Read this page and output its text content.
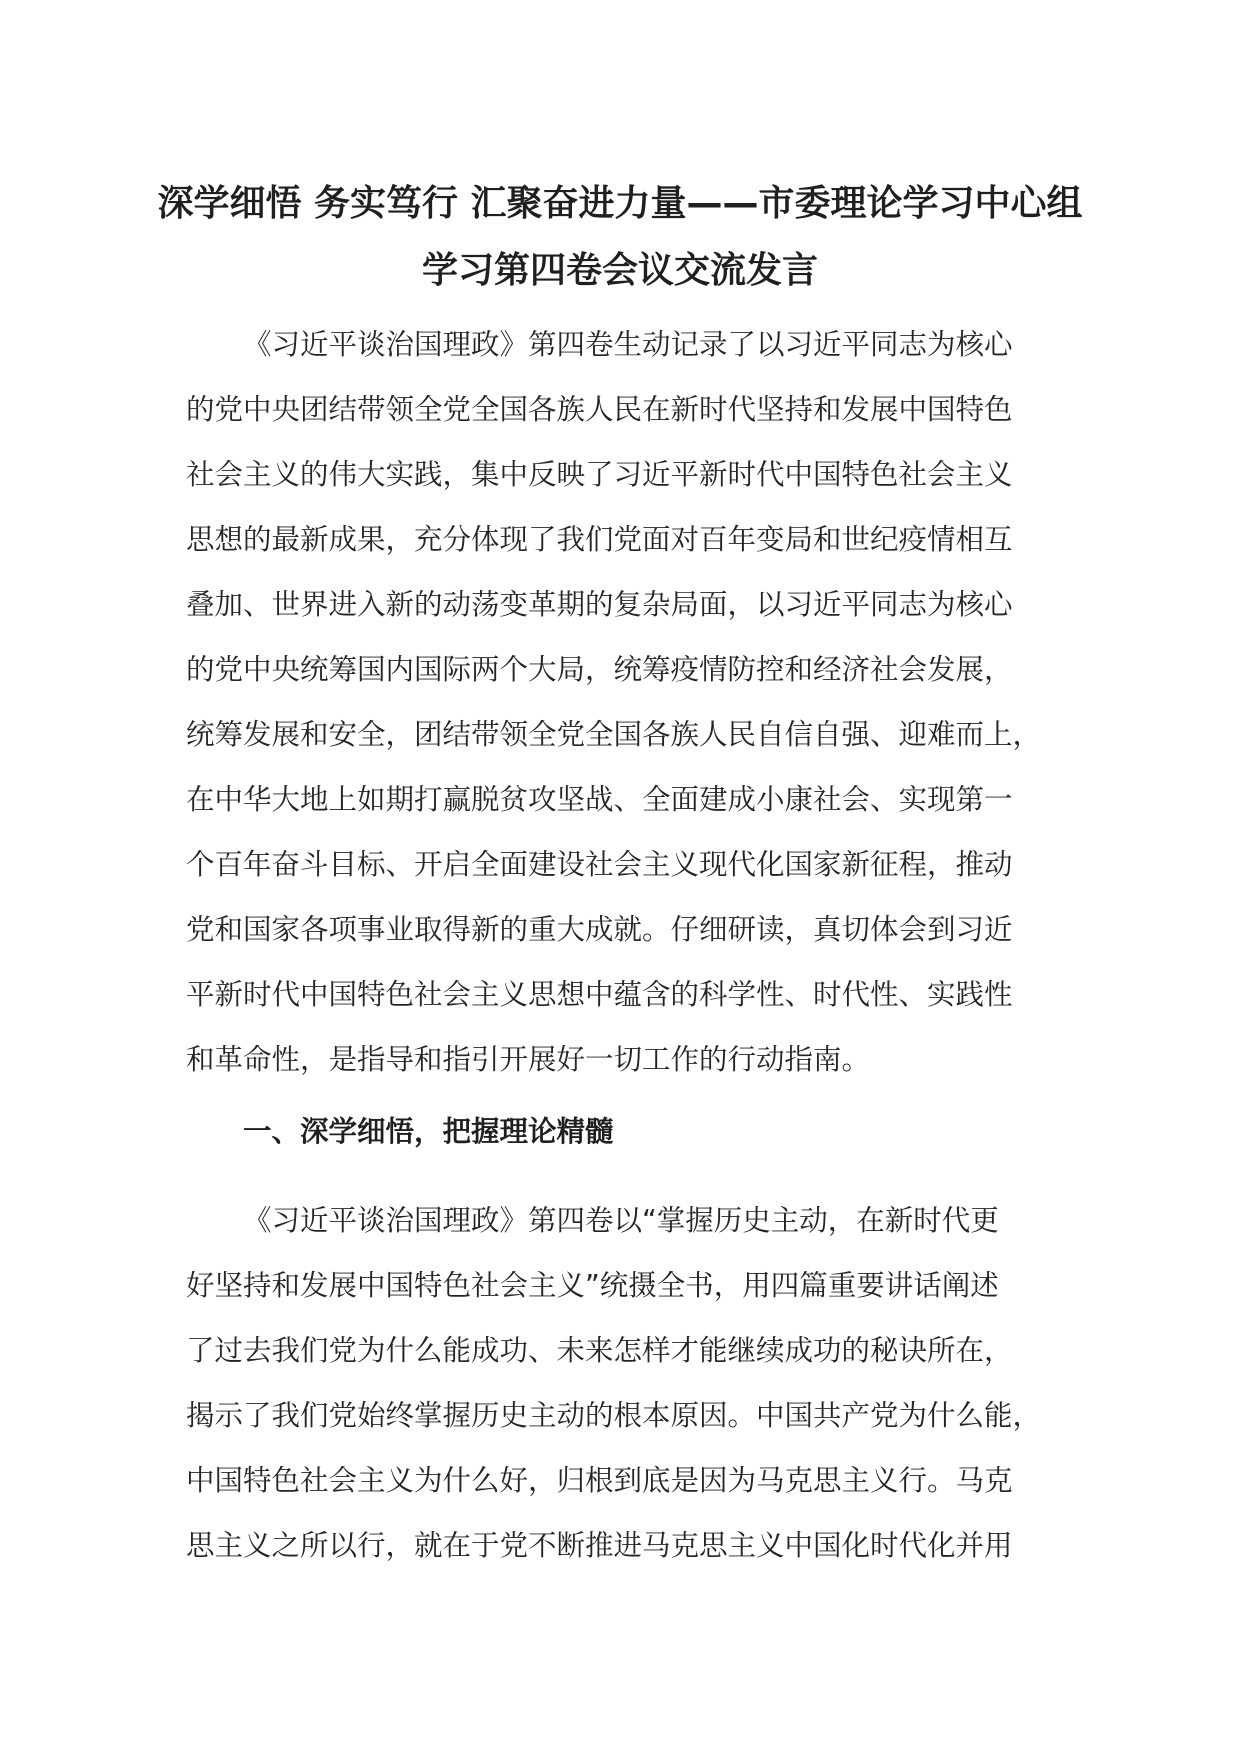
深学细悟 务实笃行 汇聚奋进力量——市委理论学习中心组
学习第四卷会议交流发言
《习近平谈治国理政》第四卷生动记录了以习近平同志为核心
的党中央团结带领全党全国各族人民在新时代坚持和发展中国特色
社会主义的伟大实践，集中反映了习近平新时代中国特色社会主义
思想的最新成果，充分体现了我们党面对百年变局和世纪疫情相互
叠加、世界进入新的动荡变革期的复杂局面，以习近平同志为核心
的党中央统筹国内国际两个大局，统筹疫情防控和经济社会发展，
统筹发展和安全，团结带领全党全国各族人民自信自强、迎难而上，
在中华大地上如期打赢脱贫攻坚战、全面建成小康社会、实现第一
个百年奋斗目标、开启全面建设社会主义现代化国家新征程，推动
党和国家各项事业取得新的重大成就。仔细研读，真切体会到习近
平新时代中国特色社会主义思想中蕴含的科学性、时代性、实践性
和革命性，是指导和指引开展好一切工作的行动指南。
一、深学细悟，把握理论精髓
《习近平谈治国理政》第四卷以“掌握历史主动，在新时代更
好坚持和发展中国特色社会主义”统摄全书，用四篇重要讲话阐述
了过去我们党为什么能成功、未来怎样才能继续成功的秘诀所在，
揭示了我们党始终掌握历史主动的根本原因。中国共产党为什么能，
中国特色社会主义为什么好，归根到底是因为马克思主义行。马克
思主义之所以行，就在于党不断推进马克思主义中国化时代化并用
